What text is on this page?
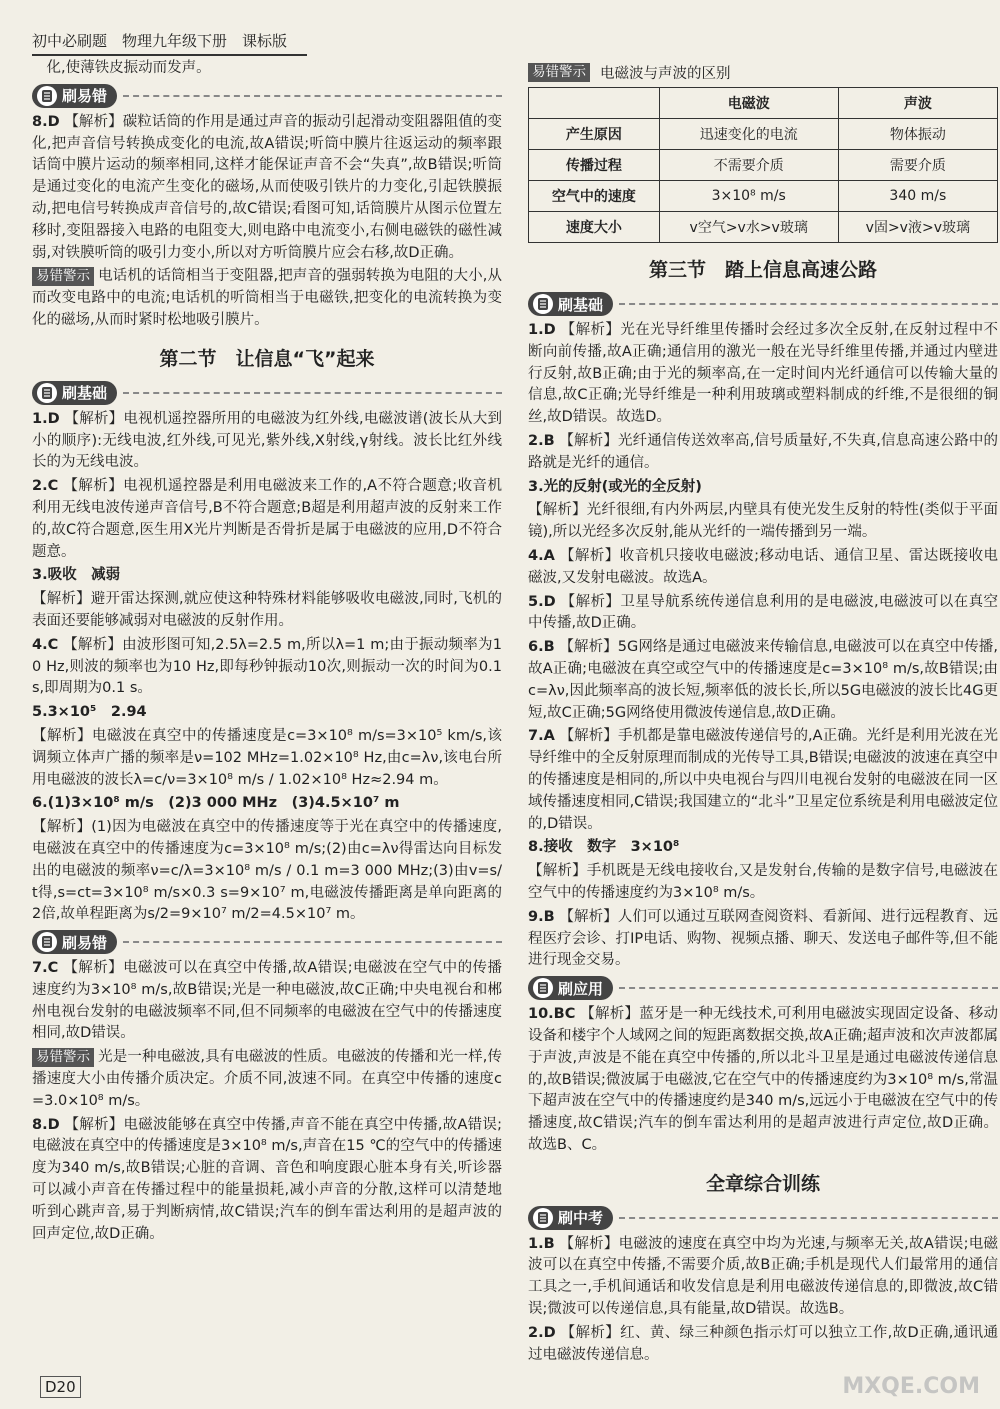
初中必刷题　物理九年级下册　课标版

　化,使薄铁皮振动而发声。

刷易错

8.D 【解析】碳粒话筒的作用是通过声音的振动引起滑动变阻器阻值的变化,把声音信号转换成变化的电流,故A错误;听筒中膜片往返运动的频率跟话筒中膜片运动的频率相同,这样才能保证声音不会“失真”,故B错误;听筒是通过变化的电流产生变化的磁场,从而使吸引铁片的力变化,引起铁膜振动,把电信号转换成声音信号的,故C错误;看图可知,话筒膜片从图示位置左移时,变阻器接入电路的电阻变大,则电路中电流变小,右侧电磁铁的磁性减弱,对铁膜听筒的吸引力变小,所以对方听筒膜片应会右移,故D正确。

易错警示 电话机的话筒相当于变阻器,把声音的强弱转换为电阻的大小,从而改变电路中的电流;电话机的听筒相当于电磁铁,把变化的电流转换为变化的磁场,从而时紧时松地吸引膜片。

第二节　让信息“飞”起来
刷基础

1.D 【解析】电视机遥控器所用的电磁波为红外线,电磁波谱(波长从大到小的顺序):无线电波,红外线,可见光,紫外线,X射线,γ射线。波长比红外线长的为无线电波。

2.C 【解析】电视机遥控器是利用电磁波来工作的,A不符合题意;收音机利用无线电波传递声音信号,B不符合题意;B超是利用超声波的反射来工作的,故C符合题意,医生用X光片判断是否骨折是属于电磁波的应用,D不符合题意。

3.吸收　减弱

【解析】避开雷达探测,就应使这种特殊材料能够吸收电磁波,同时,飞机的表面还要能够减弱对电磁波的反射作用。

4.C 【解析】由波形图可知,2.5λ=2.5 m,所以λ=1 m;由于振动频率为10 Hz,则波的频率也为10 Hz,即每秒钟振动10次,则振动一次的时间为0.1 s,即周期为0.1 s。

5.3×10⁵　2.94

【解析】电磁波在真空中的传播速度是c=3×10⁸ m/s=3×10⁵ km/s,该调频立体声广播的频率是ν=102 MHz=1.02×10⁸ Hz,由c=λν,该电台所用电磁波的波长λ=c/ν=3×10⁸ m/s / 1.02×10⁸ Hz≈2.94 m。

6.(1)3×10⁸ m/s　(2)3 000 MHz　(3)4.5×10⁷ m

【解析】(1)因为电磁波在真空中的传播速度等于光在真空中的传播速度,电磁波在真空中的传播速度为c=3×10⁸ m/s;(2)由c=λν得雷达向目标发出的电磁波的频率ν=c/λ=3×10⁸ m/s / 0.1 m=3 000 MHz;(3)由v=s/t得,s=ct=3×10⁸ m/s×0.3 s=9×10⁷ m,电磁波传播距离是单向距离的2倍,故单程距离为s/2=9×10⁷ m/2=4.5×10⁷ m。

刷易错

7.C 【解析】电磁波可以在真空中传播,故A错误;电磁波在空气中的传播速度约为3×10⁸ m/s,故B错误;光是一种电磁波,故C正确;中央电视台和郴州电视台发射的电磁波频率不同,但不同频率的电磁波在空气中的传播速度相同,故D错误。

易错警示 光是一种电磁波,具有电磁波的性质。电磁波的传播和光一样,传播速度大小由传播介质决定。介质不同,波速不同。在真空中传播的速度c=3.0×10⁸ m/s。

8.D 【解析】电磁波能够在真空中传播,声音不能在真空中传播,故A错误;电磁波在真空中的传播速度是3×10⁸ m/s,声音在15 ℃的空气中的传播速度为340 m/s,故B错误;心脏的音调、音色和响度跟心脏本身有关,听诊器可以减小声音在传播过程中的能量损耗,减小声音的分散,这样可以清楚地听到心跳声音,易于判断病情,故C错误;汽车的倒车雷达利用的是超声波的回声定位,故D正确。

易错警示 电磁波与声波的区别
	电磁波	声波
产生原因	迅速变化的电流	物体振动
传播过程	不需要介质	需要介质
空气中的速度	3×10⁸ m/s	340 m/s
速度大小	v空气>v水>v玻璃	v固>v液>v玻璃
第三节　踏上信息高速公路
刷基础

1.D 【解析】光在光导纤维里传播时会经过多次全反射,在反射过程中不断向前传播,故A正确;通信用的激光一般在光导纤维里传播,并通过内壁进行反射,故B正确;由于光的频率高,在一定时间内光纤通信可以传输大量的信息,故C正确;光导纤维是一种利用玻璃或塑料制成的纤维,不是很细的铜丝,故D错误。故选D。

2.B 【解析】光纤通信传送效率高,信号质量好,不失真,信息高速公路中的路就是光纤的通信。

3.光的反射(或光的全反射)

【解析】光纤很细,有内外两层,内壁具有使光发生反射的特性(类似于平面镜),所以光经多次反射,能从光纤的一端传播到另一端。

4.A 【解析】收音机只接收电磁波;移动电话、通信卫星、雷达既接收电磁波,又发射电磁波。故选A。

5.D 【解析】卫星导航系统传递信息利用的是电磁波,电磁波可以在真空中传播,故D正确。

6.B 【解析】5G网络是通过电磁波来传输信息,电磁波可以在真空中传播,故A正确;电磁波在真空或空气中的传播速度是c=3×10⁸ m/s,故B错误;由c=λν,因此频率高的波长短,频率低的波长长,所以5G电磁波的波长比4G更短,故C正确;5G网络使用微波传递信息,故D正确。

7.A 【解析】手机都是靠电磁波传递信号的,A正确。光纤是利用光波在光导纤维中的全反射原理而制成的光传导工具,B错误;电磁波的波速在真空中的传播速度是相同的,所以中央电视台与四川电视台发射的电磁波在同一区域传播速度相同,C错误;我国建立的“北斗”卫星定位系统是利用电磁波定位的,D错误。

8.接收　数字　3×10⁸

【解析】手机既是无线电接收台,又是发射台,传输的是数字信号,电磁波在空气中的传播速度约为3×10⁸ m/s。

9.B 【解析】人们可以通过互联网查阅资料、看新闻、进行远程教育、远程医疗会诊、打IP电话、购物、视频点播、聊天、发送电子邮件等,但不能进行现金交易。

刷应用

10.BC 【解析】蓝牙是一种无线技术,可利用电磁波实现固定设备、移动设备和楼宇个人域网之间的短距离数据交换,故A正确;超声波和次声波都属于声波,声波是不能在真空中传播的,所以北斗卫星是通过电磁波传递信息的,故B错误;微波属于电磁波,它在空气中的传播速度约为3×10⁸ m/s,常温下超声波在空气中的传播速度约是340 m/s,远远小于电磁波在空气中的传播速度,故C错误;汽车的倒车雷达利用的是超声波进行声定位,故D正确。故选B、C。

全章综合训练
刷中考

1.B 【解析】电磁波的速度在真空中均为光速,与频率无关,故A错误;电磁波可以在真空中传播,不需要介质,故B正确;手机是现代人们最常用的通信工具之一,手机间通话和收发信息是利用电磁波传递信息的,即微波,故C错误;微波可以传递信息,具有能量,故D错误。故选B。

2.D 【解析】红、黄、绿三种颜色指示灯可以独立工作,故D正确,通讯通过电磁波传递信息。

D20	MXQE.COM
